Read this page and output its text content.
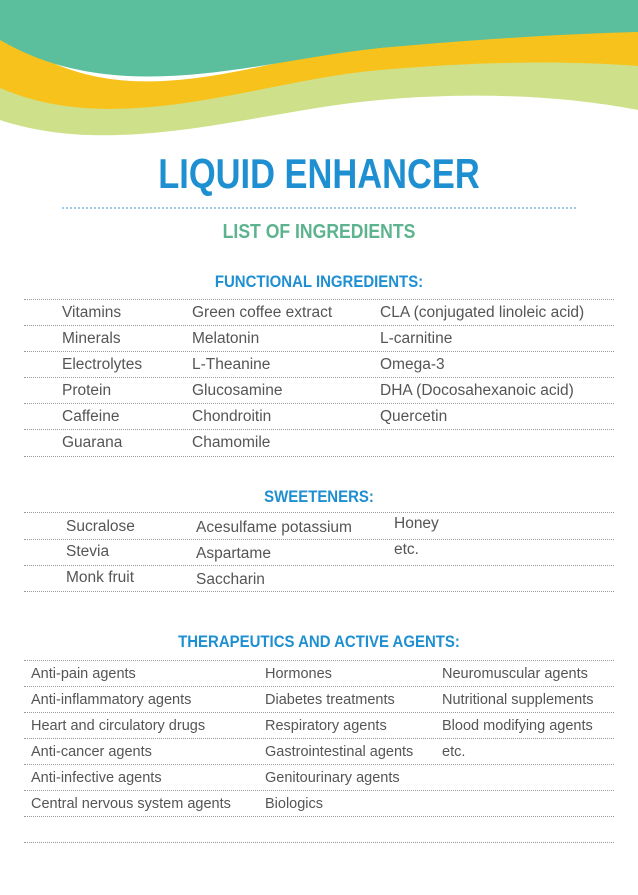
LIQUID ENHANCER
LIST OF INGREDIENTS
FUNCTIONAL INGREDIENTS:
Vitamins
Minerals
Electrolytes
Protein
Caffeine
Guarana
Green coffee extract
Melatonin
L-Theanine
Glucosamine
Chondroitin
Chamomile
CLA (conjugated linoleic acid)
L-carnitine
Omega-3
DHA (Docosahexanoic acid)
Quercetin
SWEETENERS:
Sucralose
Stevia
Monk fruit
Acesulfame potassium
Aspartame
Saccharin
Honey
etc.
THERAPEUTICS AND ACTIVE AGENTS:
Anti-pain agents
Anti-inflammatory agents
Heart and circulatory drugs
Anti-cancer agents
Anti-infective agents
Central nervous system agents
Hormones
Diabetes treatments
Respiratory agents
Gastrointestinal agents
Genitourinary agents
Biologics
Neuromuscular agents
Nutritional supplements
Blood modifying agents
etc.
